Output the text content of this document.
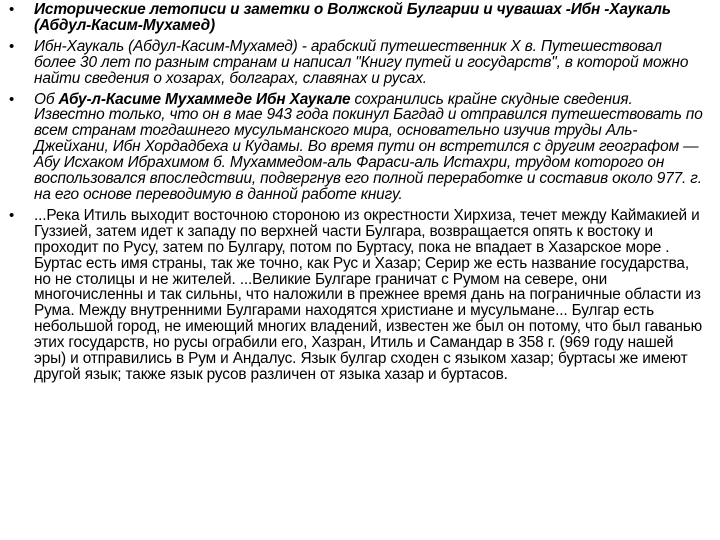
• Исторические летописи и заметки о Волжской Булгарии и чувашах -Ибн -Хаукаль (Абдул-Касим-Мухамед)
• Ибн-Хаукаль (Абдул-Касим-Мухамед) - арабский путешественник X в. Путешествовал более 30 лет по разным странам и написал "Книгу путей и государств", в которой можно найти сведения о хозарах, болгарах, славянах и русах.
• Об Абу-л-Касиме Мухаммеде Ибн Хаукале сохранились крайне скудные сведения. Известно только, что он в мае 943 года покинул Багдад и отправился путешествовать по всем странам тогдашнего мусульманского мира, основательно изучив труды Аль-Джейхани, Ибн Хордадбеха и Кудамы. Во время пути он встретился с другим географом — Абу Исхаком Ибрахимом б. Мухаммедом-аль Фараси-аль Истахри, трудом которого он воспользовался впоследствии, подвергнув его полной переработке и составив около 977. г. на его основе переводимую в данной работе книгу.
• ...Река Итиль выходит восточною стороною из окрестности Хирхиза, течет между Каймакией и Гуззией, затем идет к западу по верхней части Булгара, возвращается опять к востоку и проходит по Русу, затем по Булгару, потом по Буртасу, пока не впадает в Хазарское море . Буртас есть имя страны, так же точно, как Рус и Хазар; Серир же есть название государства, но не столицы и не жителей. ...Великие Булгаре граничат с Румом на севере, они многочисленны и так сильны, что наложили в прежнее время дань на пограничные области из Рума. Между внутренними Булгарами находятся христиане и мусульмане... Булгар есть небольшой город, не имеющий многих владений, известен же был он потому, что был гаванью этих государств, но русы ограбили его, Хазран, Итиль и Самандар в 358 г. (969 году нашей эры) и отправились в Рум и Андалус. Язык булгар сходен с языком хазар; буртасы же имеют другой язык; также язык русов различен от языка хазар и буртасов.
